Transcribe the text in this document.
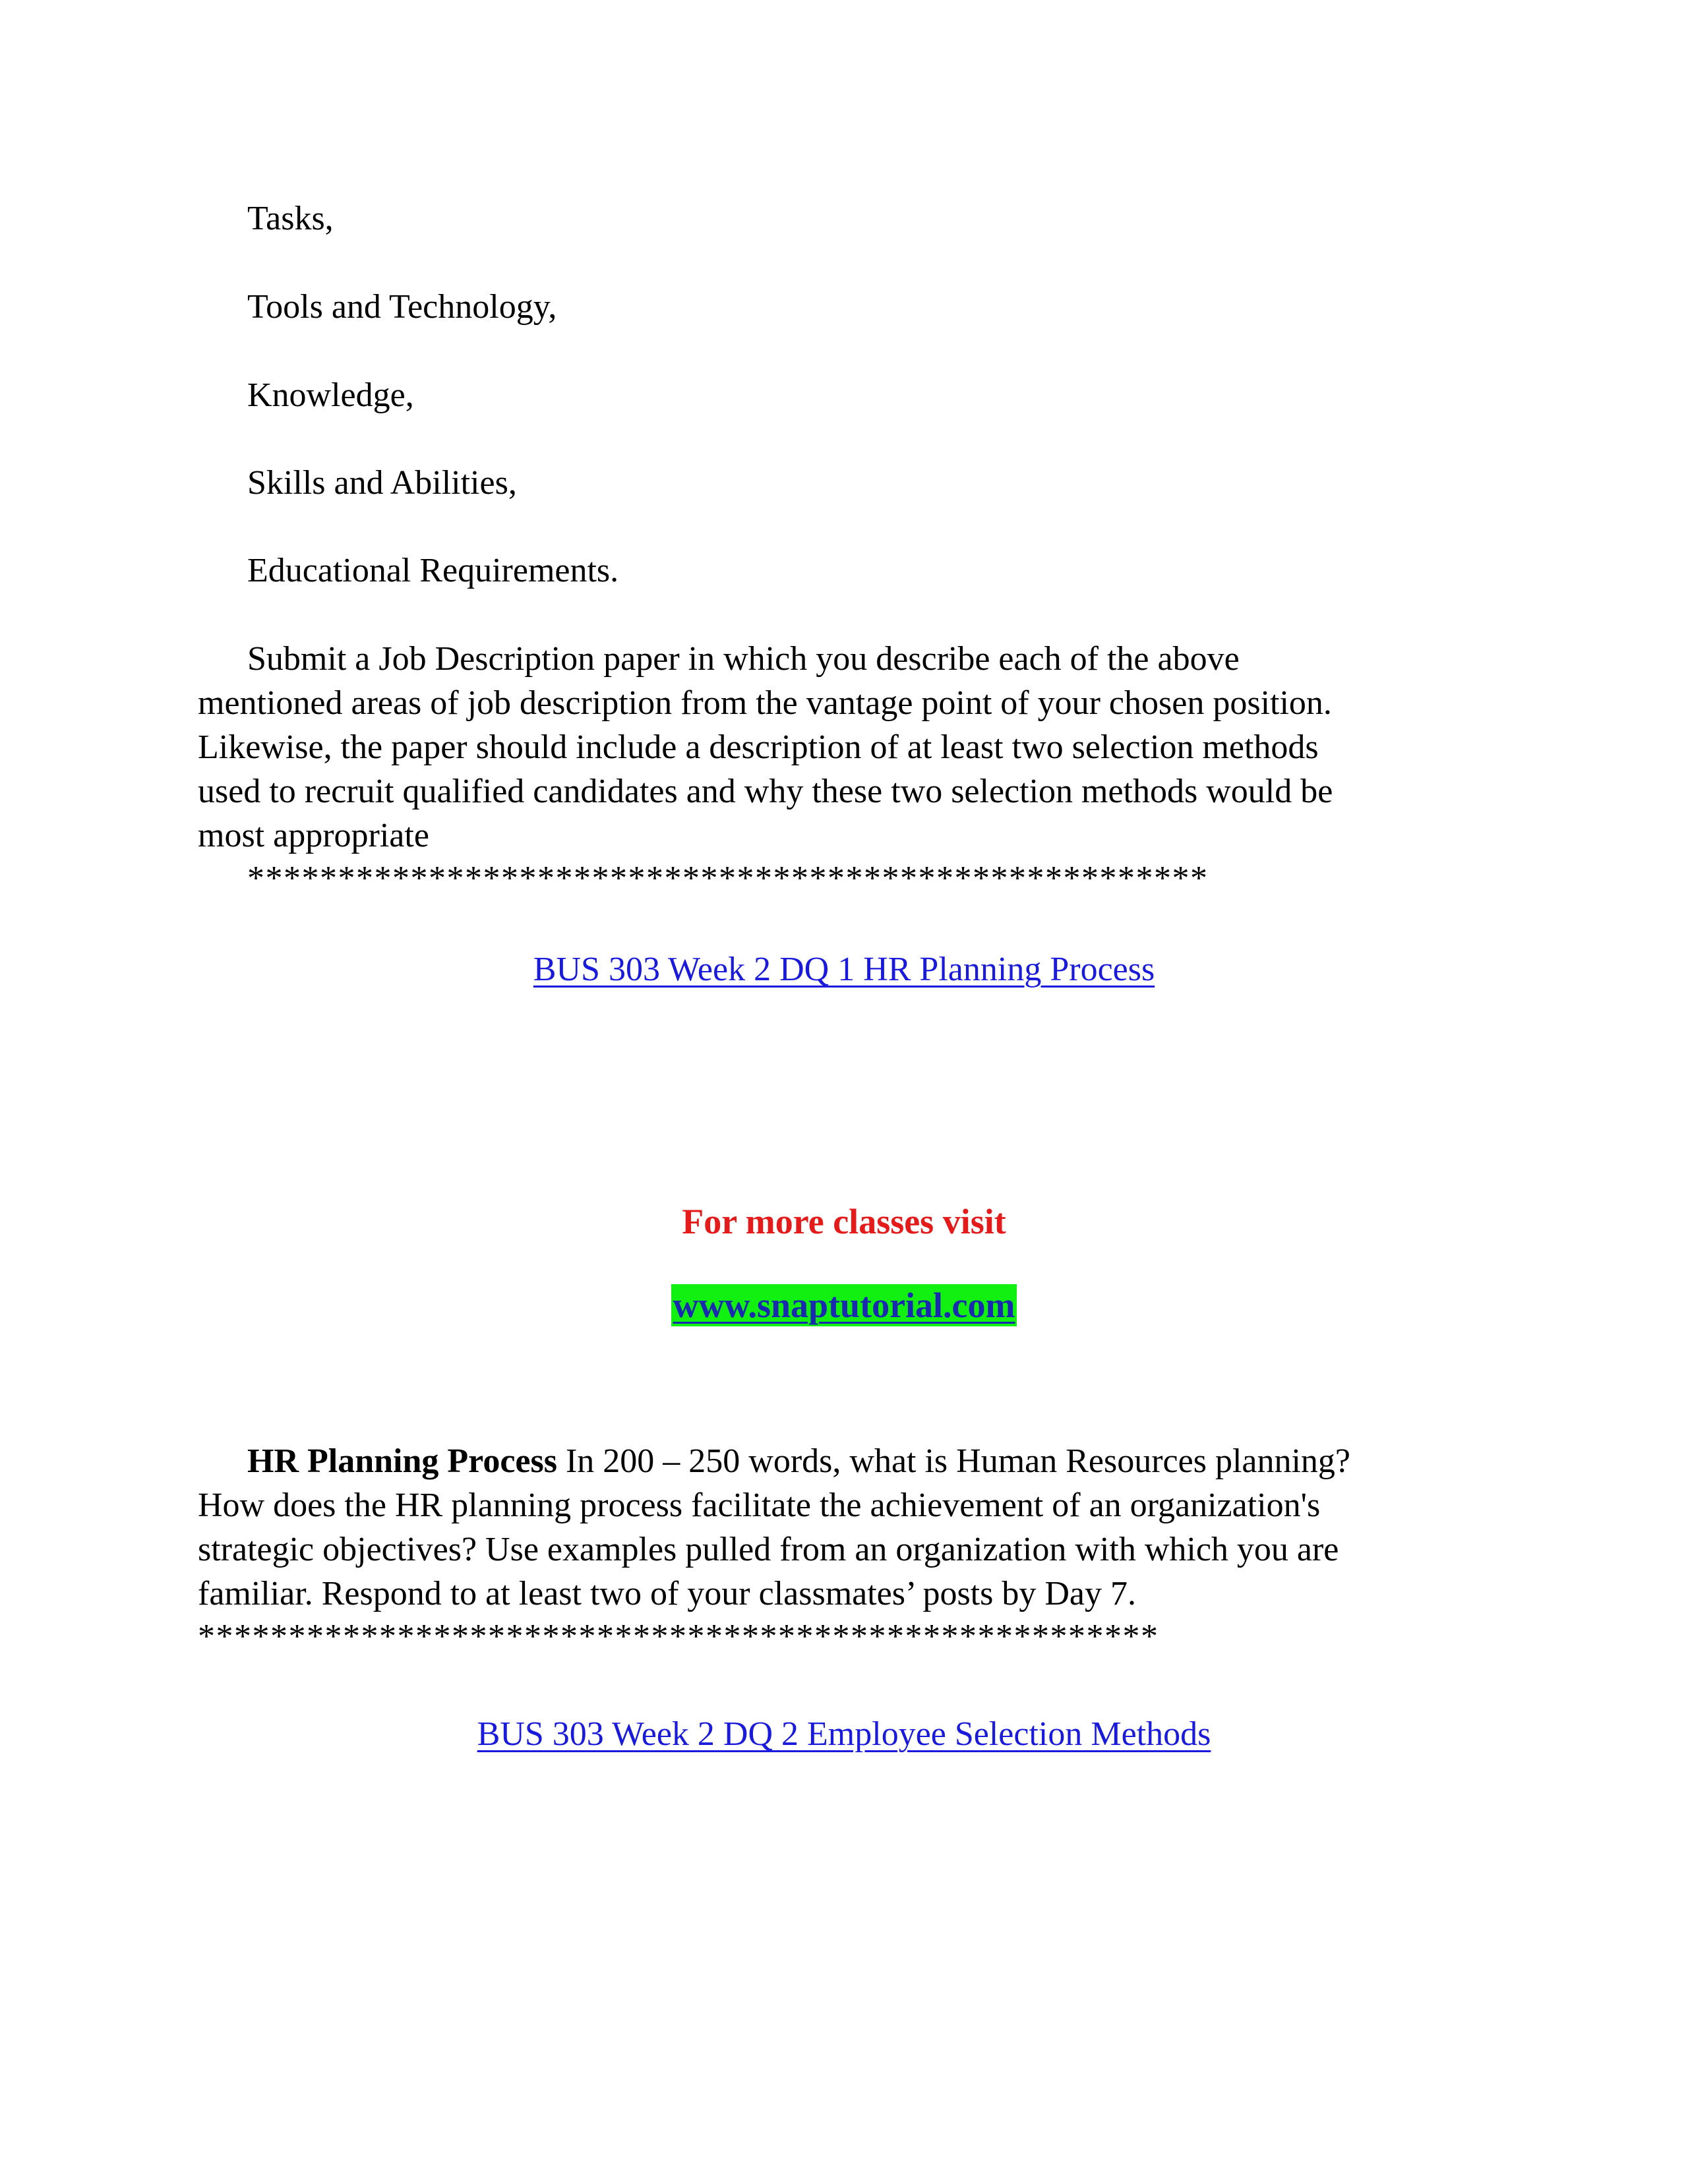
Tasks,

Tools and Technology,

Knowledge,

Skills and Abilities,

Educational Requirements.

Submit a Job Description paper in which you describe each of the above

mentioned areas of job description from the vantage point of your chosen position.

Likewise, the paper should include a description of at least two selection methods

used to recruit qualified candidates and why these two selection methods would be

most appropriate

*****************************************************

BUS 303 Week 2 DQ 1 HR Planning Process

For more classes visit

www.snaptutorial.com

HR Planning Process In 200 – 250 words, what is Human Resources planning?

How does the HR planning process facilitate the achievement of an organization's

strategic objectives? Use examples pulled from an organization with which you are

familiar. Respond to at least two of your classmates’ posts by Day 7.

*****************************************************

BUS 303 Week 2 DQ 2 Employee Selection Methods
